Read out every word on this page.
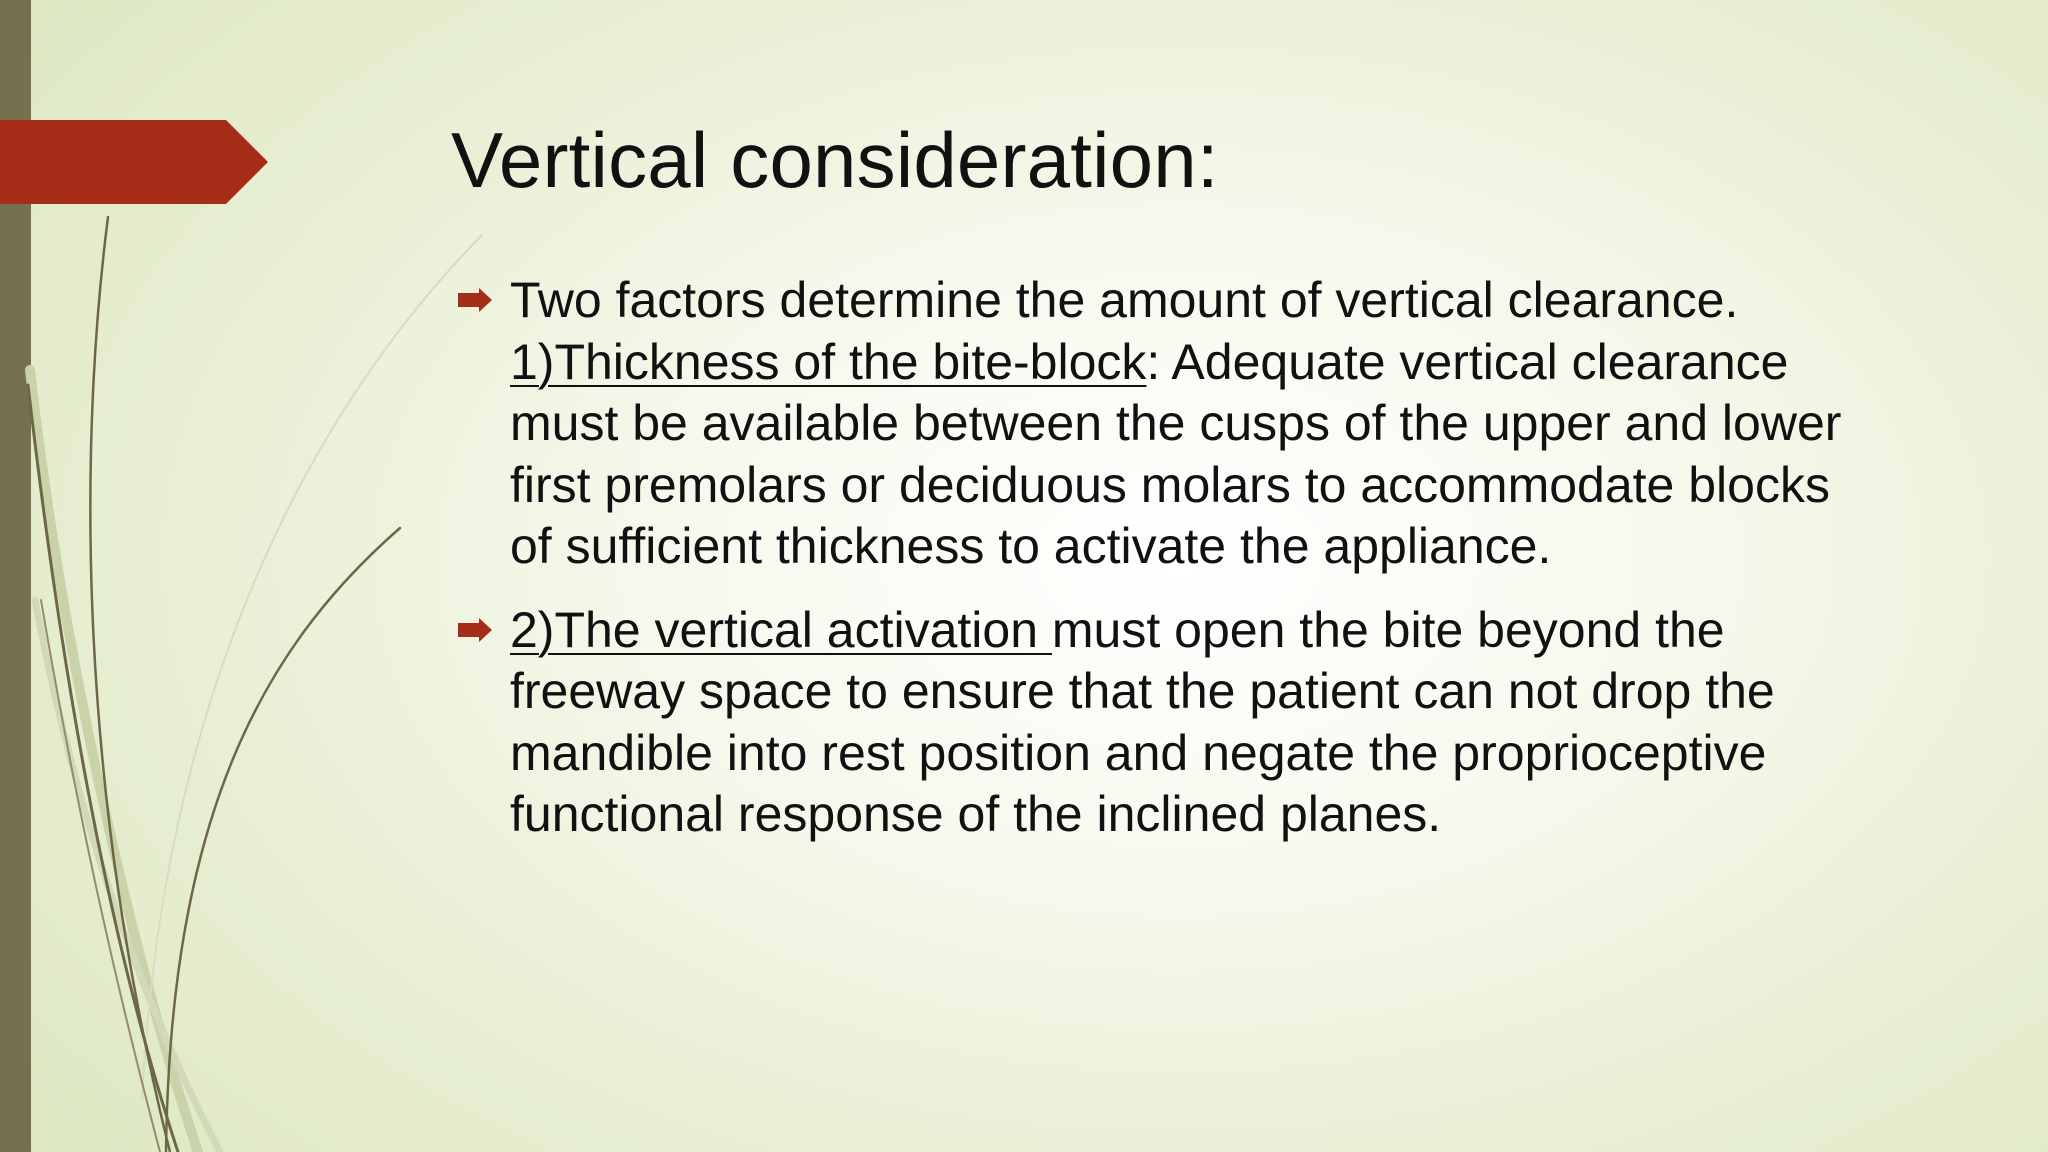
Vertical consideration:
Two factors determine the amount of vertical clearance.
1)Thickness of the bite-block: Adequate vertical clearance
must be available between the cusps of the upper and lower
first premolars or deciduous molars to accommodate blocks
of sufficient thickness to activate the appliance.
2)The vertical activation must open the bite beyond the
freeway space to ensure that the patient can not drop the
mandible into rest position and negate the proprioceptive
functional response of the inclined planes.
